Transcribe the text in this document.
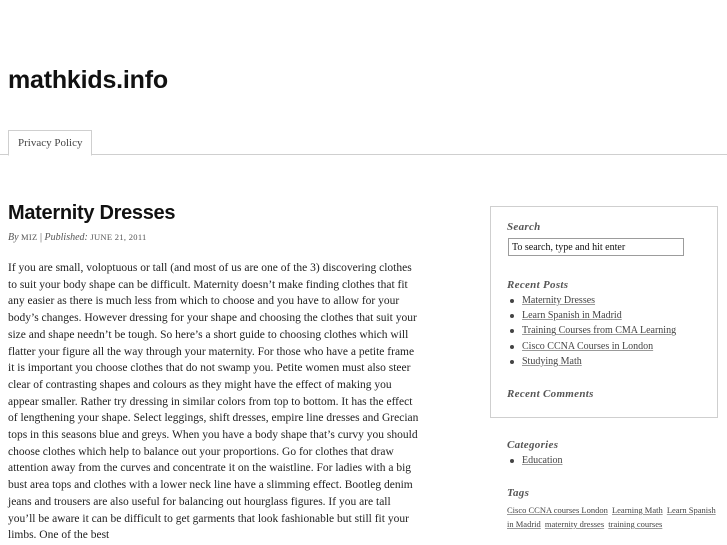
mathkids.info
Privacy Policy
Maternity Dresses
By MIZ | Published: JUNE 21, 2011

If you are small, voloptuous or tall (and most of us are one of the 3) discovering clothes to suit your body shape can be difficult. Maternity doesn’t make finding clothes that fit any easier as there is much less from which to choose and you have to allow for your body’s changes. However dressing for your shape and choosing the clothes that suit your size and shape needn’t be tough. So here’s a short guide to choosing clothes which will flatter your figure all the way through your maternity. For those who have a petite frame it is important you choose clothes that do not swamp you. Petite women must also steer clear of contrasting shapes and colours as they might have the effect of making you appear smaller. Rather try dressing in similar colors from top to bottom. It has the effect of lengthening your shape. Select leggings, shift dresses, empire line dresses and Grecian tops in this seasons blue and greys. When you have a body shape that’s curvy you should choose clothes which help to balance out your proportions. Go for clothes that draw attention away from the curves and concentrate it on the waistline. For ladies with a big bust area tops and clothes with a lower neck line have a slimming effect. Bootleg denim jeans and trousers are also useful for balancing out hourglass figures. If you are tall you’ll be aware it can be difficult to get garments that look fashionable but still fit your limbs. One of the best

Search
To search, type and hit enter
Recent Posts
Maternity Dresses
Learn Spanish in Madrid
Training Courses from CMA Learning
Cisco CCNA Courses in London
Studying Math
Recent Comments
Categories
Education
Tags
Cisco CCNA courses London Learning Math Learn Spanish in Madrid maternity dresses training courses
